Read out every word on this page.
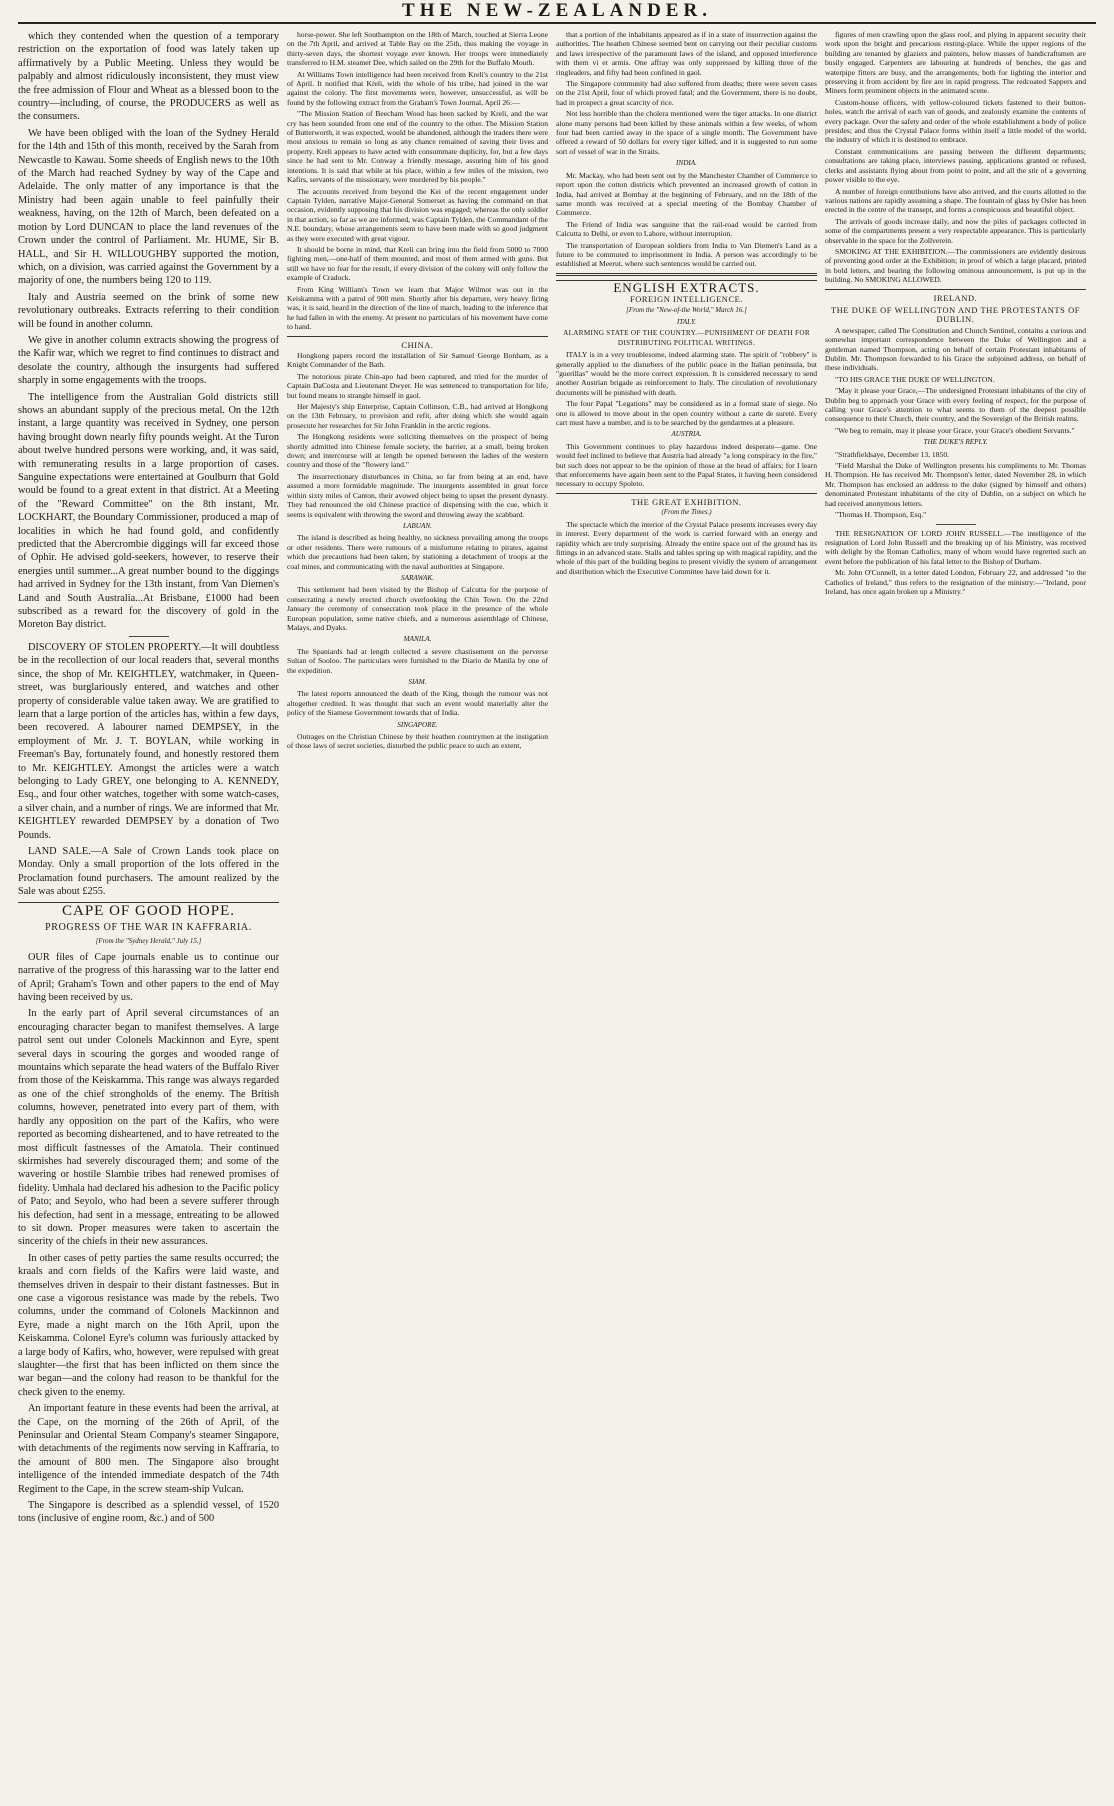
THE NEW-ZEALANDER.

which they contended when the question of a temporary restriction on the exportation of food was lately taken up affirmatively by a Public Meeting. Unless they would be palpably and almost ridiculously inconsistent, they must view the free admission of Flour and Wheat as a blessed boon to the country—including, of course, the PRODUCERS as well as the consumers.

We have been obliged with the loan of the Sydney Herald for the 14th and 15th of this month, received by the Sarah from Newcastle to Kawau. Some sheeds of English news to the 10th of the March had reached Sydney by way of the Cape and Adelaide. The only matter of any importance is that the Ministry had been again unable to feel painfully their weakness, having, on the 12th of March, been defeated on a motion by Lord DUNCAN to place the land revenues of the Crown under the control of Parliament. Mr. HUME, Sir B. HALL, and Sir H. WILLOUGHBY supported the motion, which, on a division, was carried against the Government by a majority of one, the numbers being 120 to 119.

Italy and Austria seemed on the brink of some new revolutionary outbreaks. Extracts referring to their condition will be found in another column.

We give in another column extracts showing the progress of the Kafir war, which we regret to find continues to distract and desolate the country, although the insurgents had suffered sharply in some engagements with the troops.

The intelligence from the Australian Gold districts still shows an abundant supply of the precious metal. On the 12th instant, a large quantity was received in Sydney, one person having brought down nearly fifty pounds weight. At the Turon about twelve hundred persons were working, and, it was said, with remunerating results in a large proportion of cases. Sanguine expectations were entertained at Goulburn that Gold would be found to a great extent in that district. At a Meeting of the "Reward Committee" on the 8th instant, Mr. LOCKHART, the Boundary Commissioner, produced a map of localities in which he had found gold, and confidently predicted that the Abercrombie diggings will far exceed those of Ophir. He advised gold-seekers, however, to reserve their energies until summer...A great number bound to the diggings had arrived in Sydney for the 13th instant, from Van Diemen's Land and South Australia...At Brisbane, £1000 had been subscribed as a reward for the discovery of gold in the Moreton Bay district.

DISCOVERY OF STOLEN PROPERTY.—It will doubtless be in the recollection of our local readers that, several months since, the shop of Mr. KEIGHTLEY, watchmaker, in Queen-street, was burglariously entered, and watches and other property of considerable value taken away. We are gratified to learn that a large portion of the articles has, within a few days, been recovered. A labourer named DEMPSEY, in the employment of Mr. J. T. BOYLAN, while working in Freeman's Bay, fortunately found, and honestly restored them to Mr. KEIGHTLEY. Amongst the articles were a watch belonging to Lady GREY, one belonging to A. KENNEDY, Esq., and four other watches, together with some watch-cases, a silver chain, and a number of rings. We are informed that Mr. KEIGHTLEY rewarded DEMPSEY by a donation of Two Pounds.

LAND SALE.—A Sale of Crown Lands took place on Monday. Only a small proportion of the lots offered in the Proclamation found purchasers. The amount realized by the Sale was about £255.

CAPE OF GOOD HOPE.
PROGRESS OF THE WAR IN KAFFRARIA.
[From the "Sydney Herald," July 15.]

OUR files of Cape journals enable us to continue our narrative of the progress of this harassing war to the latter end of April; Graham's Town and other papers to the end of May having been received by us.

In the early part of April several circumstances of an encouraging character began to manifest themselves. A large patrol sent out under Colonels Mackinnon and Eyre, spent several days in scouring the gorges and wooded range of mountains which separate the head waters of the Buffalo River from those of the Keiskamma. This range was always regarded as one of the chief strongholds of the enemy. The British columns, however, penetrated into every part of them, with hardly any opposition on the part of the Kafirs, who were reported as becoming disheartened, and to have retreated to the most difficult fastnesses of the Amatola. Their continued skirmishes had severely discouraged them; and some of the wavering or hostile Slambie tribes had renewed promises of fidelity. Umhala had declared his adhesion to the Pacific policy of Pato; and Seyolo, who had been a severe sufferer through his defection, had sent in a message, entreating to be allowed to sit down. Proper measures were taken to ascertain the sincerity of the chiefs in their new assurances.

In other cases of petty parties the same results occurred; the kraals and corn fields of the Kafirs were laid waste, and themselves driven in despair to their distant fastnesses. But in one case a vigorous resistance was made by the rebels. Two columns, under the command of Colonels Mackinnon and Eyre, made a night march on the 16th April, upon the Keiskamma. Colonel Eyre's column was furiously attacked by a large body of Kafirs, who, however, were repulsed with great slaughter—the first that has been inflicted on them since the war began—and the colony had reason to be thankful for the check given to the enemy.

An important feature in these events had been the arrival, at the Cape, on the morning of the 26th of April, of the Peninsular and Oriental Steam Company's steamer Singapore, with detachments of the regiments now serving in Kaffraria, to the amount of 800 men. The Singapore also brought intelligence of the intended immediate despatch of the 74th Regiment to the Cape, in the screw steam-ship Vulcan.

The Singapore is described as a splendid vessel, of 1520 tons (inclusive of engine room, &c.) and of 500

horse-power. She left Southampton on the 18th of March, touched at Sierra Leone on the 7th April, and arrived at Table Bay on the 25th, thus making the voyage in thirty-seven days, the shortest voyage ever known. Her troops were immediately transferred to H.M. steamer Dee, which sailed on the 29th for the Buffalo Mouth.

At Williams Town intelligence had been received from Kreli's country to the 21st of April. It notified that Kreli, with the whole of his tribe, had joined in the war against the colony. The first movements were, however, unsuccessful, as will be found by the following extract from the Graham's Town Journal, April 26:—

"The Mission Station of Beecham Wood has been sacked by Kreli, and the war cry has been sounded from one end of the country to the other. The Mission Station of Butterworth, it was expected, would be abandoned, although the traders there were most anxious to remain so long as any chance remained of saving their lives and property. Kreli appears to have acted with consummate duplicity, for, but a few days since he had sent to Mr. Conway a friendly message, assuring him of his good intentions. It is said that while at his place, within a few miles of the mission, two Kafirs, servants of the missionary, were murdered by his people."

The accounts received from beyond the Kei of the recent engagement under Captain Tylden, narrative Major-General Somerset as having the command on that occasion, evidently supposing that his division was engaged; whereas the only soldier in that action, so far as we are informed, was Captain Tylden, the Commandant of the N.E. boundary, whose arrangements seem to have been made with so good judgment as they were executed with great vigour.

It should be borne in mind, that Kreli can bring into the field from 5000 to 7000 fighting men,—one-half of them mounted, and most of them armed with guns. But still we have no fear for the result, if every division of the colony will only follow the example of Cradock.

From King William's Town we learn that Major Wilmot was out in the Keiskamma with a patrol of 900 men. Shortly after his departure, very heavy firing was, it is said, heard in the direction of the line of march, leading to the inference that he had fallen in with the enemy. At present no particulars of his movement have come to hand.

CHINA.

Hongkong papers record the installation of Sir Samuel George Bonham, as a Knight Commander of the Bath.

The notorious pirate Chin-apo had been captured, and tried for the murder of Captain DaCosta and Lieutenant Dwyer. He was sentenced to transportation for life, but found means to strangle himself in gaol.

Her Majesty's ship Enterprise, Captain Collinson, C.B., had arrived at Hongkong on the 13th February, to provision and refit, after doing which she would again prosecute her researches for Sir John Franklin in the arctic regions.

The Hongkong residents were soliciting themselves on the prospect of being shortly admitted into Chinese female society, the barrier, at a small, being broken down; and intercourse will at length be opened between the ladies of the western country and those of the "flowery land."

The insurrectionary disturbances in China, so far from being at an end, have assumed a more formidable magnitude. The insurgents assembled in great force within sixty miles of Canton, their avowed object being to upset the present dynasty. They had renounced the old Chinese practice of dispensing with the cue, which it seems is equivalent with throwing the sword and throwing away the scabbard.

LABUAN.

The island is described as being healthy, no sickness prevailing among the troops or other residents. There were rumours of a misfortune relating to pirates, against which due precautions had been taken, by stationing a detachment of troops at the coal mines, and communicating with the naval authorities at Singapore.

SARAWAK.

This settlement had been visited by the Bishop of Calcutta for the purpose of consecrating a newly erected church overlooking the Chin Town. On the 22nd January the ceremony of consecration took place in the presence of the whole European population, some native chiefs, and a numerous assemblage of Chinese, Malays, and Dyaks.

MANILA.

The Spaniards had at length collected a severe chastisement on the perverse Sultan of Sooloo. The particulars were furnished to the Diario de Manila by one of the expedition.

SIAM.

The latest reports announced the death of the King, though the rumour was not altogether credited. It was thought that such an event would materially alter the policy of the Siamese Government towards that of India.

SINGAPORE.

Outrages on the Christian Chinese by their heathen countrymen at the instigation of those laws of secret societies, disturbed the public peace to such an extent,

that a portion of the inhabitants appeared as if in a state of insurrection against the authorities. The heathen Chinese seemed bent on carrying out their peculiar customs and laws irrespective of the paramount laws of the island, and opposed interference with them vi et armis. One affray was only suppressed by killing three of the ringleaders, and fifty had been confined in gaol.

The Singapore community had also suffered from deaths; there were seven cases on the 21st April, four of which proved fatal; and the Government, there is no doubt, had in prospect a great scarcity of rice.

Not less horrible than the cholera mentioned were the tiger attacks. In one district alone many persons had been killed by these animals within a few weeks, of whom four had been carried away in the space of a single month. The Government have offered a reward of 50 dollars for every tiger killed, and it is suggested to run some sort of vessel of war in the Straits.

INDIA.

Mr. Mackay, who had been sent out by the Manchester Chamber of Commerce to report upon the cotton districts which prevented an increased growth of cotton in India, had arrived at Bombay at the beginning of February, and on the 18th of the same month was received at a special meeting of the Bombay Chamber of Commerce.

The Friend of India was sanguine that the rail-road would be carried from Calcutta to Delhi, or even to Lahore, without interruption.

The transportation of European soldiers from India to Van Diemen's Land as a future to be commuted to imprisonment in India. A person was accordingly to be established at Meerut, where such sentences would be carried out.

ENGLISH EXTRACTS.
FOREIGN INTELLIGENCE.
[From the "New-of-the World," March 16.]
ITALY.
ALARMING STATE OF THE COUNTRY.—PUNISHMENT OF DEATH FOR DISTRIBUTING POLITICAL WRITINGS.

ITALY is in a very troublesome, indeed alarming state. The spirit of "robbery" is generally applied to the disturbers of the public peace in the Italian peninsula, but "guerillas" would be the more correct expression. It is considered necessary to send another Austrian brigade as reinforcement to Italy. The circulation of revolutionary documents will be punished with death.

The four Papal "Legations" may be considered as in a formal state of siege. No one is allowed to move about in the open country without a carte de sureté. Every cart must have a number, and is to be searched by the gendarmes at a pleasure.

AUSTRIA.

This Government continues to play hazardous indeed desperate—game. One would feel inclined to believe that Austria had already "a long conspiracy in the fire," but such does not appear to be the opinion of those at the head of affairs; for I learn that enforcements have again been sent to the Papal States, it having been considered necessary to occupy Spoleto.

THE GREAT EXHIBITION.
(From the Times.)

The spectacle which the interior of the Crystal Palace presents increases every day in interest. Every department of the work is carried forward with an energy and rapidity which are truly surprising. Already the entire space out of the ground has its fittings in an advanced state. Stalls and tables spring up with magical rapidity, and the whole of this part of the building begins to present vividly the system of arrangement and distribution which the Executive Committee have laid down for it.

figures of men crawling upon the glass roof, and plying in apparent security their work upon the bright and precarious resting-place. While the upper regions of the building are tenanted by glaziers and painters, below masses of handicraftsmen are busily engaged. Carpenters are labouring at hundreds of benches, the gas and waterpipe fitters are busy, and the arrangements, both for lighting the interior and preserving it from accident by fire are in rapid progress. The redcoated Sappers and Miners form prominent objects in the animated scene.

Custom-house officers, with yellow-coloured tickets fastened to their button-holes, watch the arrival of each van of goods, and zealously examine the contents of every package. Over the safety and order of the whole establishment a body of police presides; and thus the Crystal Palace forms within itself a little model of the world, the industry of which it is destined to embrace.

Constant communications are passing between the different departments; consultations are taking place, interviews passing, applications granted or refused, clerks and assistants flying about from point to point, and all the stir of a governing power visible to the eye.

A number of foreign contributions have also arrived, and the courts allotted to the various nations are rapidly assuming a shape. The fountain of glass by Osler has been erected in the centre of the transept, and forms a conspicuous and beautiful object.

The arrivals of goods increase daily, and now the piles of packages collected in some of the compartments present a very respectable appearance. This is particularly observable in the space for the Zollverein.

SMOKING AT THE EXHIBITION.—The commissioners are evidently desirous of preventing good order at the Exhibition; in proof of which a large placard, printed in bold letters, and bearing the following ominous announcement, is put up in the building. No SMOKING ALLOWED.

IRELAND.
THE DUKE OF WELLINGTON AND THE PROTESTANTS OF DUBLIN.

A newspaper, called The Constitution and Church Sentinel, contains a curious and somewhat important correspondence between the Duke of Wellington and a gentleman named Thompson, acting on behalf of certain Protestant inhabitants of Dublin. Mr. Thompson forwarded to his Grace the subjoined address, on behalf of these individuals.

"TO HIS GRACE THE DUKE OF WELLINGTON.

"May it please your Grace,—The undersigned Protestant inhabitants of the city of Dublin beg to approach your Grace with every feeling of respect, for the purpose of calling your Grace's attention to what seems to them of the deepest possible consequence to their Church, their country, and the Sovereign of the British realms.

"We beg to remain, may it please your Grace, your Grace's obedient Servants."

THE DUKE'S REPLY.

"Strathfieldsaye, December 13, 1850.

"Field Marshal the Duke of Wellington presents his compliments to Mr. Thomas H. Thompson. He has received Mr. Thompson's letter, dated November 28, in which Mr. Thompson has enclosed an address to the duke (signed by himself and others) denominated Protestant inhabitants of the city of Dublin, on a subject on which he had received anonymous letters.

"Thomas H. Thompson, Esq."

THE RESIGNATION OF LORD JOHN RUSSELL.—The intelligence of the resignation of Lord John Russell and the breaking up of his Ministry, was received with delight by the Roman Catholics, many of whom would have regretted such an event before the publication of his fatal letter to the Bishop of Durham.

Mr. John O'Connell, in a letter dated London, February 22, and addressed "to the Catholics of Ireland," thus refers to the resignation of the ministry:—"Ireland, poor Ireland, has once again broken up a Ministry."
